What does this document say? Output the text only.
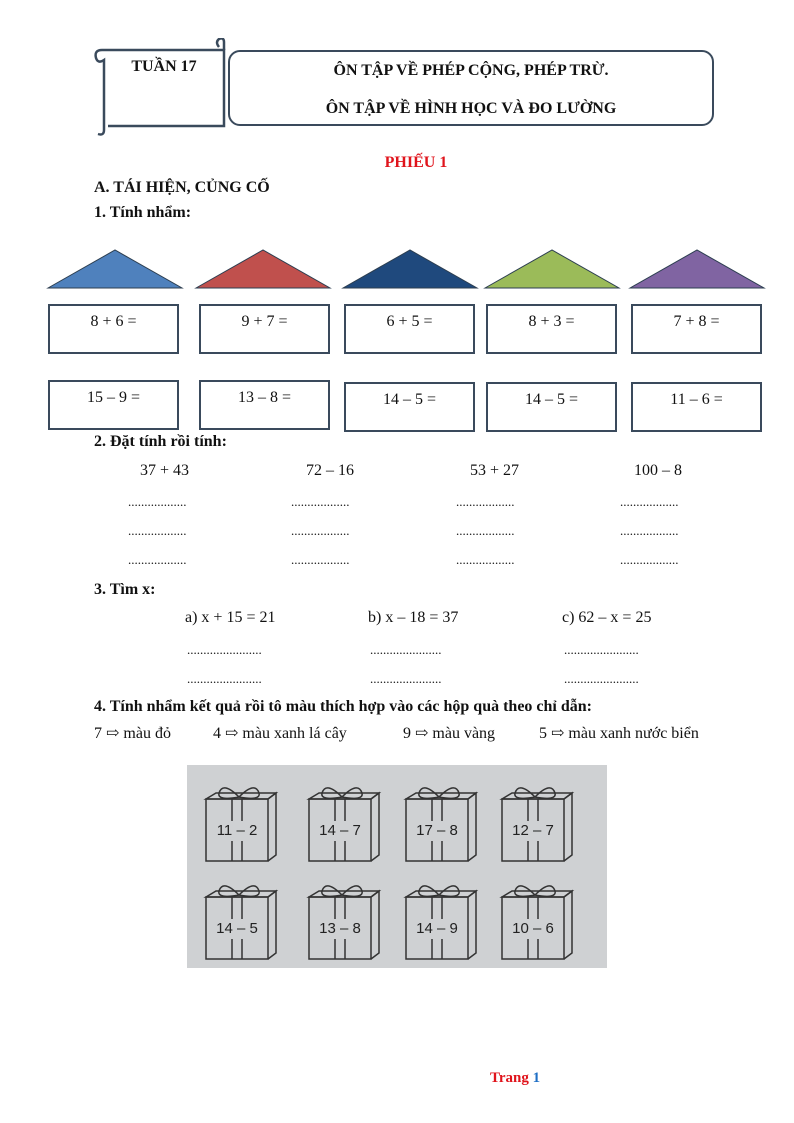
TUẦN 17	ÔN TẬP VỀ PHÉP CỘNG, PHÉP TRỪ.
ÔN TẬP VỀ HÌNH HỌC VÀ ĐO LƯỜNG
PHIẾU 1
A. TÁI HIỆN, CỦNG CỐ
1. Tính nhẩm:
8 + 6 =	9 + 7 =	6 + 5 =	8 + 3 =	7 + 8 =
15 – 9 =	13 – 8 =	14 – 5 =	14 – 5 =	11 – 6 =
2. Đặt tính rồi tính:
37 + 43	72 – 16	53 + 27	100 – 8
..................	..................	..................	..................
..................	..................	..................	..................
..................	..................	..................	..................
3. Tìm x:
a) x + 15 = 21	b) x – 18 = 37	c) 62 – x = 25
.......................	......................	.......................
.......................	......................	.......................
4. Tính nhẩm kết quả rồi tô màu thích hợp vào các hộp quà theo chỉ dẫn:
7 ⇨ màu đỏ	4 ⇨ màu xanh lá cây	9 ⇨ màu vàng	5 ⇨ màu xanh nước biển
11 – 2	14 – 7	17 – 8	12 – 7
14 – 5	13 – 8	14 – 9	10 – 6
Trang 1
